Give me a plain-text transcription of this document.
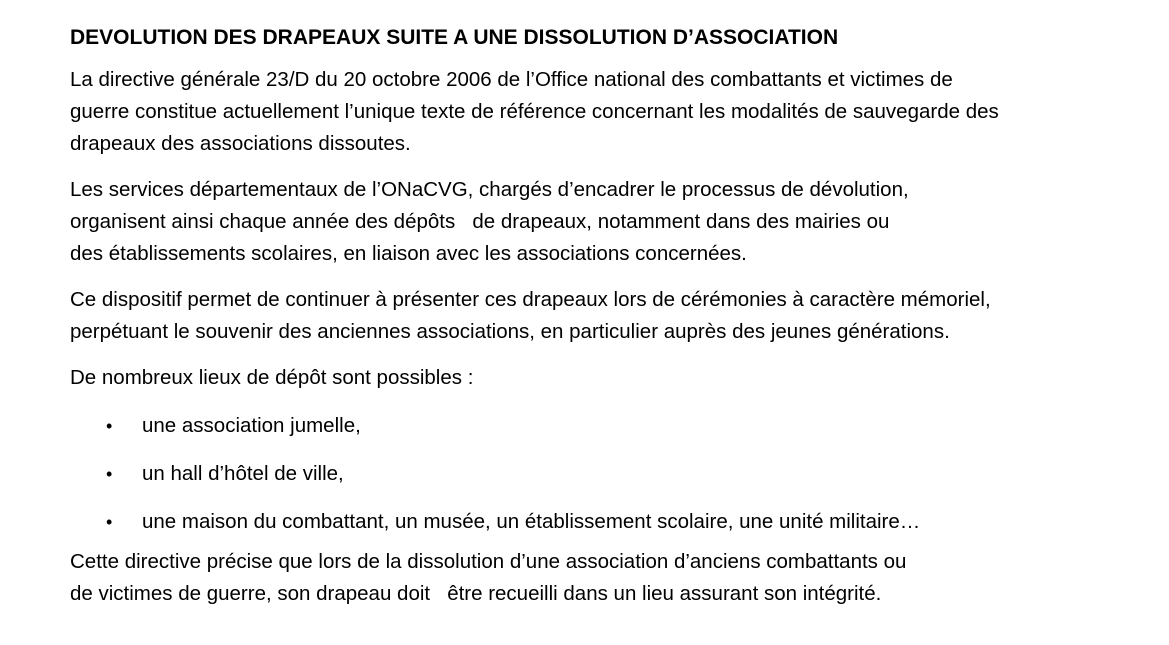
DEVOLUTION DES DRAPEAUX SUITE A UNE DISSOLUTION D’ASSOCIATION

La directive générale 23/D du 20 octobre 2006 de l’Office national des combattants et victimes de
guerre constitue actuellement l’unique texte de référence concernant les modalités de sauvegarde des
drapeaux des associations dissoutes.

Les services départementaux de l’ONaCVG, chargés d’encadrer le processus de dévolution,
organisent ainsi chaque année des dépôts   de drapeaux, notamment dans des mairies ou
des établissements scolaires, en liaison avec les associations concernées.

Ce dispositif permet de continuer à présenter ces drapeaux lors de cérémonies à caractère mémoriel,
perpétuant le souvenir des anciennes associations, en particulier auprès des jeunes générations.

De nombreux lieux de dépôt sont possibles :

•
une association jumelle,
•
un hall d’hôtel de ville,
•
une maison du combattant, un musée, un établissement scolaire, une unité militaire…

Cette directive précise que lors de la dissolution d’une association d’anciens combattants ou
de victimes de guerre, son drapeau doit   être recueilli dans un lieu assurant son intégrité.
